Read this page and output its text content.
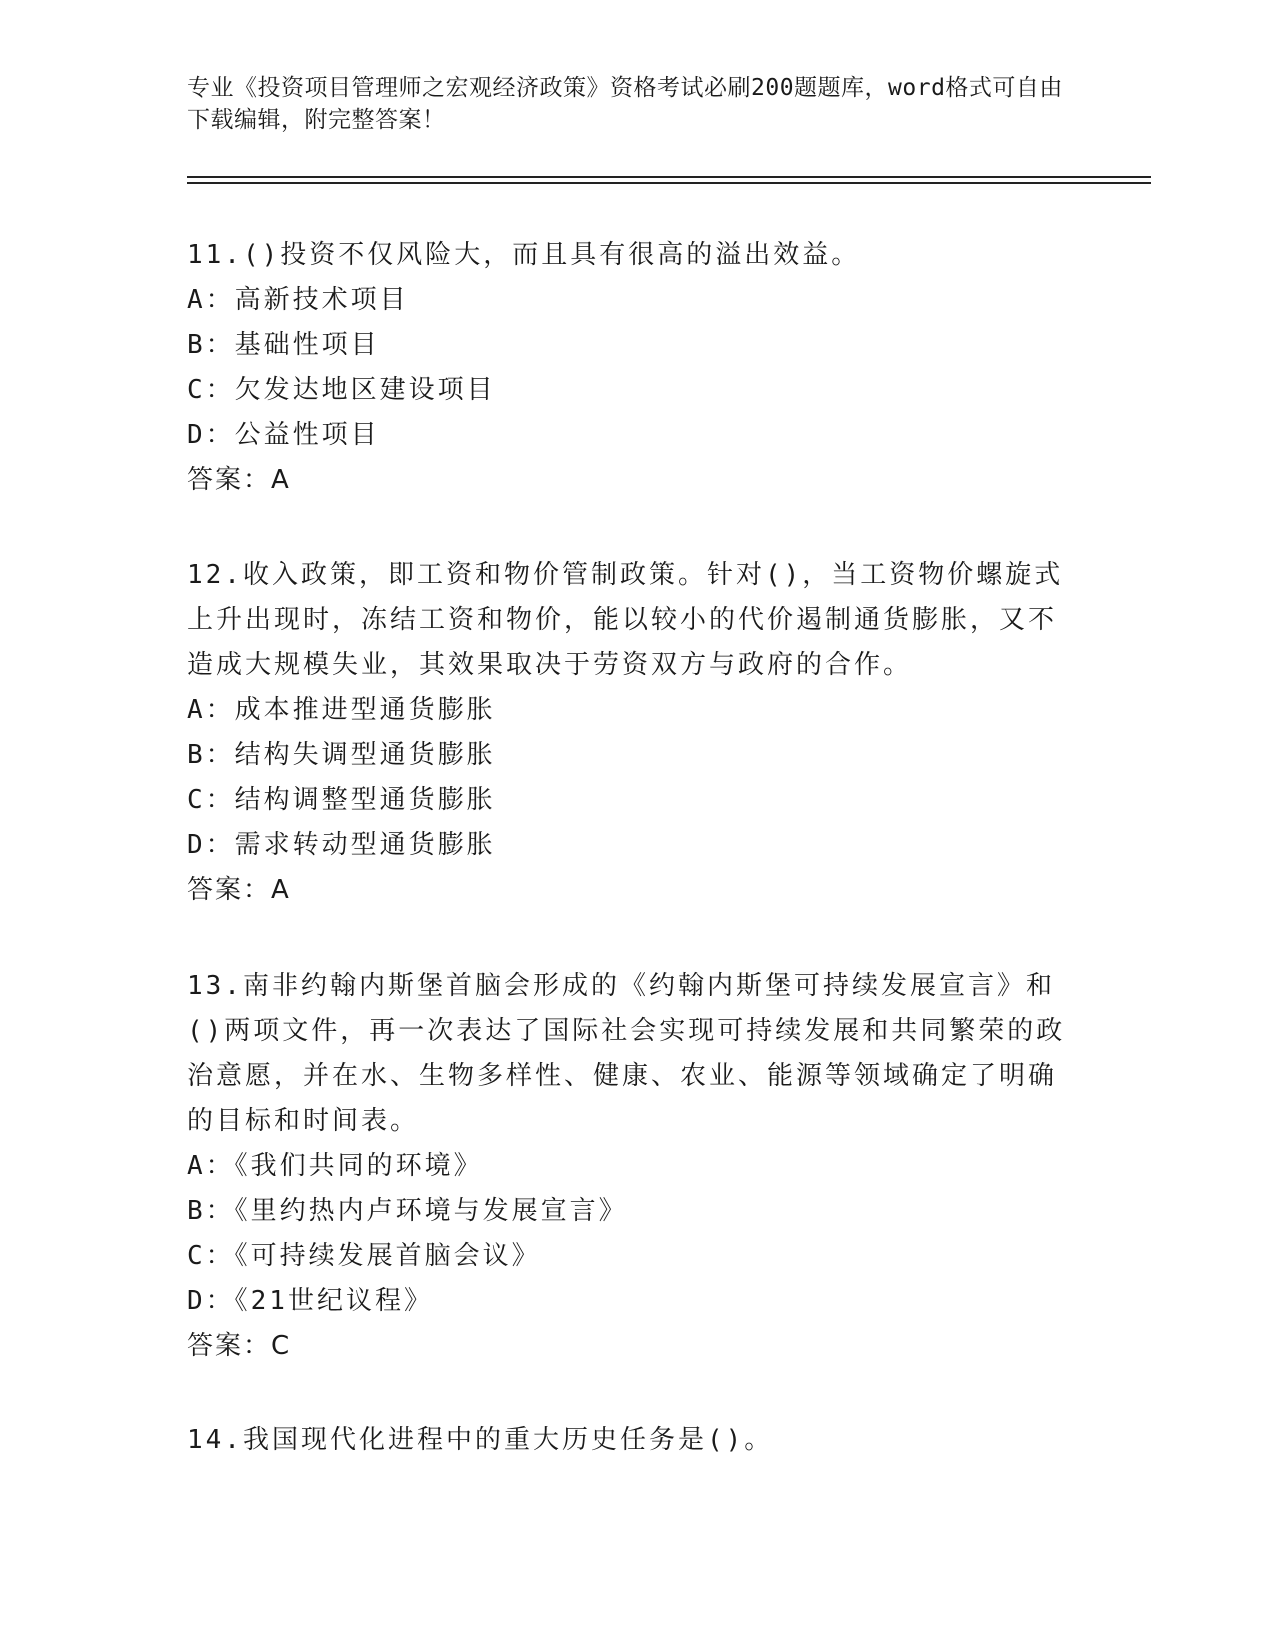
专业《投资项目管理师之宏观经济政策》资格考试必刷200题题库，word格式可自由下载编辑，附完整答案！
11.()投资不仅风险大，而且具有很高的溢出效益。
A：高新技术项目
B：基础性项目
C：欠发达地区建设项目
D：公益性项目
答案：A
12.收入政策，即工资和物价管制政策。针对()，当工资物价螺旋式上升出现时，冻结工资和物价，能以较小的代价遏制通货膨胀，又不造成大规模失业，其效果取决于劳资双方与政府的合作。
A：成本推进型通货膨胀
B：结构失调型通货膨胀
C：结构调整型通货膨胀
D：需求转动型通货膨胀
答案：A
13.南非约翰内斯堡首脑会形成的《约翰内斯堡可持续发展宣言》和()两项文件，再一次表达了国际社会实现可持续发展和共同繁荣的政治意愿，并在水、生物多样性、健康、农业、能源等领域确定了明确的目标和时间表。
A：《我们共同的环境》
B：《里约热内卢环境与发展宣言》
C：《可持续发展首脑会议》
D：《21世纪议程》
答案：C
14.我国现代化进程中的重大历史任务是()。
